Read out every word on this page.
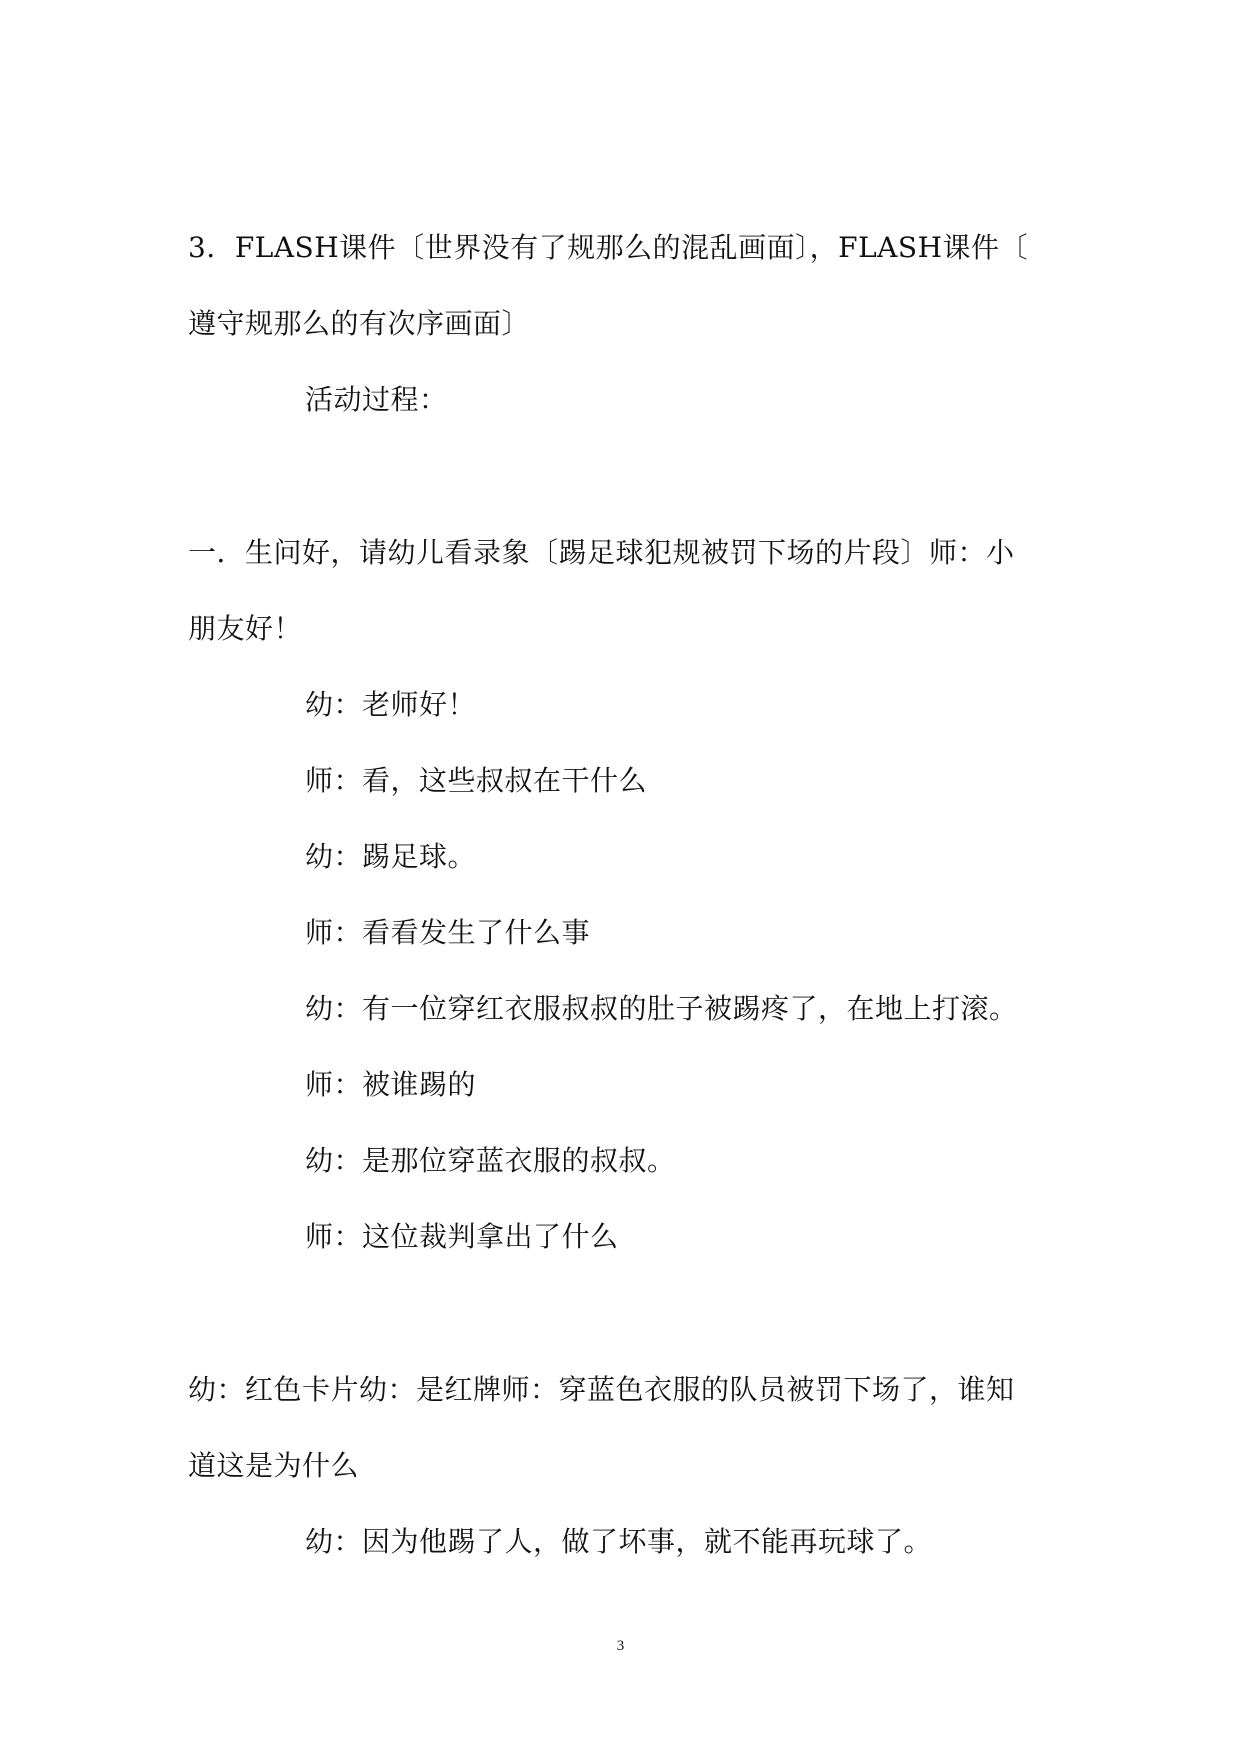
3．FLASH课件〔世界没有了规那么的混乱画面〕，FLASH课件〔
遵守规那么的有次序画面〕
活动过程：
一．生问好，请幼儿看录象〔踢足球犯规被罚下场的片段〕师：小
朋友好！
幼：老师好！
师：看，这些叔叔在干什么
幼：踢足球。
师：看看发生了什么事
幼：有一位穿红衣服叔叔的肚子被踢疼了，在地上打滚。
师：被谁踢的
幼：是那位穿蓝衣服的叔叔。
师：这位裁判拿出了什么
幼：红色卡片幼：是红牌师：穿蓝色衣服的队员被罚下场了，谁知
道这是为什么
幼：因为他踢了人，做了坏事，就不能再玩球了。
3
